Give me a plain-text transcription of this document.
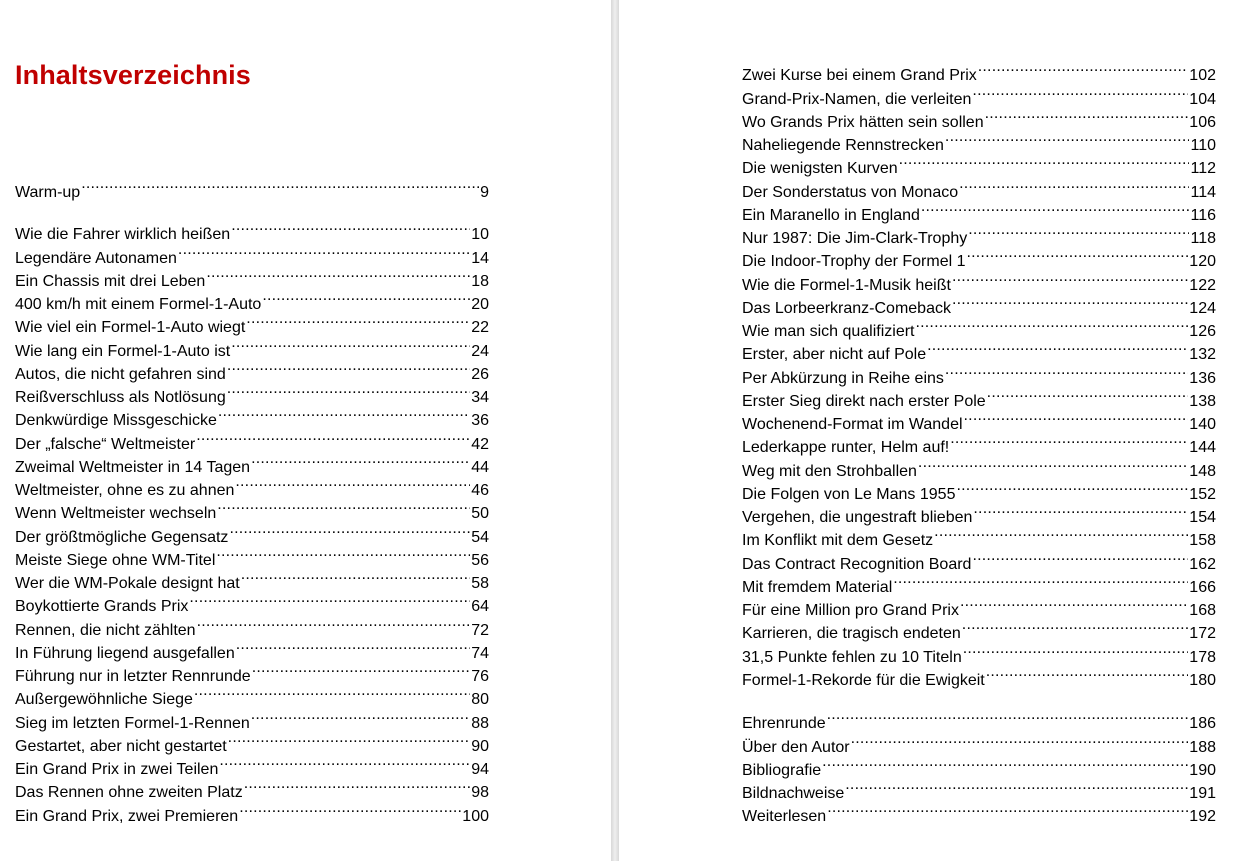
Inhaltsverzeichnis
Warm-up .....	9
Wie die Fahrer wirklich heißen .....	10
Legendäre Autonamen .....	14
Ein Chassis mit drei Leben .....	18
400 km/h mit einem Formel-1-Auto .....	20
Wie viel ein Formel-1-Auto wiegt .....	22
Wie lang ein Formel-1-Auto ist .....	24
Autos, die nicht gefahren sind .....	26
Reißverschluss als Notlösung .....	34
Denkwürdige Missgeschicke .....	36
Der „falsche“ Weltmeister .....	42
Zweimal Weltmeister in 14 Tagen .....	44
Weltmeister, ohne es zu ahnen .....	46
Wenn Weltmeister wechseln .....	50
Der größtmögliche Gegensatz .....	54
Meiste Siege ohne WM-Titel .....	56
Wer die WM-Pokale designt hat .....	58
Boykottierte Grands Prix .....	64
Rennen, die nicht zählten .....	72
In Führung liegend ausgefallen .....	74
Führung nur in letzter Rennrunde .....	76
Außergewöhnliche Siege .....	80
Sieg im letzten Formel-1-Rennen .....	88
Gestartet, aber nicht gestartet .....	90
Ein Grand Prix in zwei Teilen .....	94
Das Rennen ohne zweiten Platz .....	98
Ein Grand Prix, zwei Premieren .....	100
Zwei Kurse bei einem Grand Prix .....	102
Grand-Prix-Namen, die verleiten .....	104
Wo Grands Prix hätten sein sollen .....	106
Naheliegende Rennstrecken .....	110
Die wenigsten Kurven .....	112
Der Sonderstatus von Monaco .....	114
Ein Maranello in England .....	116
Nur 1987: Die Jim-Clark-Trophy .....	118
Die Indoor-Trophy der Formel 1 .....	120
Wie die Formel-1-Musik heißt .....	122
Das Lorbeerkranz-Comeback .....	124
Wie man sich qualifiziert .....	126
Erster, aber nicht auf Pole .....	132
Per Abkürzung in Reihe eins .....	136
Erster Sieg direkt nach erster Pole .....	138
Wochenend-Format im Wandel .....	140
Lederkappe runter, Helm auf! .....	144
Weg mit den Strohballen .....	148
Die Folgen von Le Mans 1955 .....	152
Vergehen, die ungestraft blieben .....	154
Im Konflikt mit dem Gesetz .....	158
Das Contract Recognition Board .....	162
Mit fremdem Material .....	166
Für eine Million pro Grand Prix .....	168
Karrieren, die tragisch endeten .....	172
31,5 Punkte fehlen zu 10 Titeln .....	178
Formel-1-Rekorde für die Ewigkeit .....	180
Ehrenrunde .....	186
Über den Autor .....	188
Bibliografie .....	190
Bildnachweise .....	191
Weiterlesen .....	192
